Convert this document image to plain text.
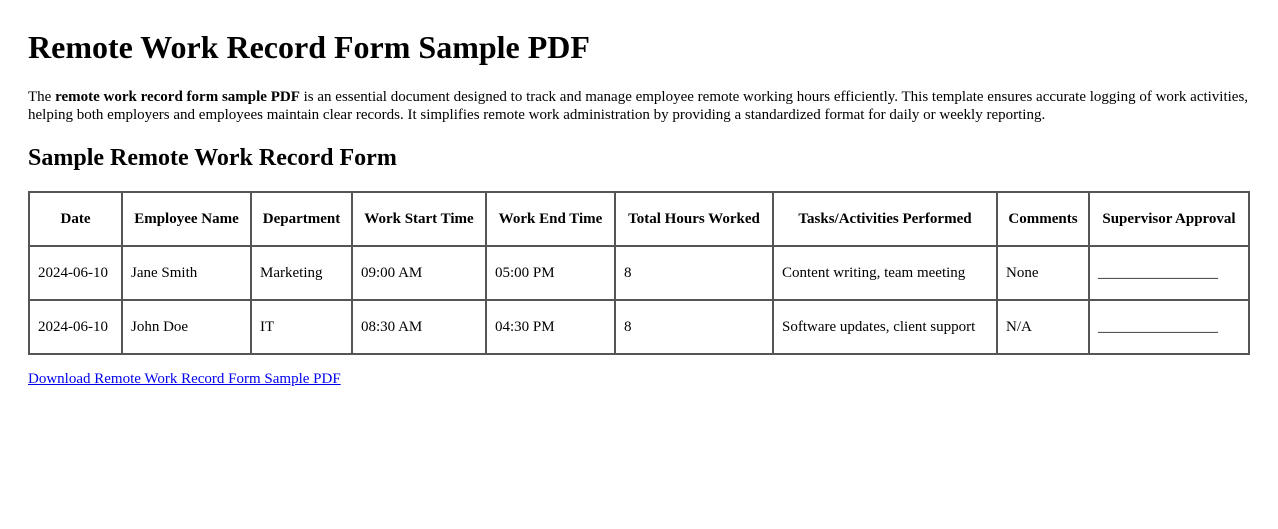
Remote Work Record Form Sample PDF

The remote work record form sample PDF is an essential document designed to track and manage employee remote working hours efficiently. This template ensures accurate logging of work activities, helping both employers and employees maintain clear records. It simplifies remote work administration by providing a standardized format for daily or weekly reporting.

Sample Remote Work Record Form
Date	Employee Name	Department	Work Start Time	Work End Time	Total Hours Worked	Tasks/Activities Performed	Comments	Supervisor Approval
2024-06-10	Jane Smith	Marketing	09:00 AM	05:00 PM	8	Content writing, team meeting	None	________________
2024-06-10	John Doe	IT	08:30 AM	04:30 PM	8	Software updates, client support	N/A	________________
Download Remote Work Record Form Sample PDF
